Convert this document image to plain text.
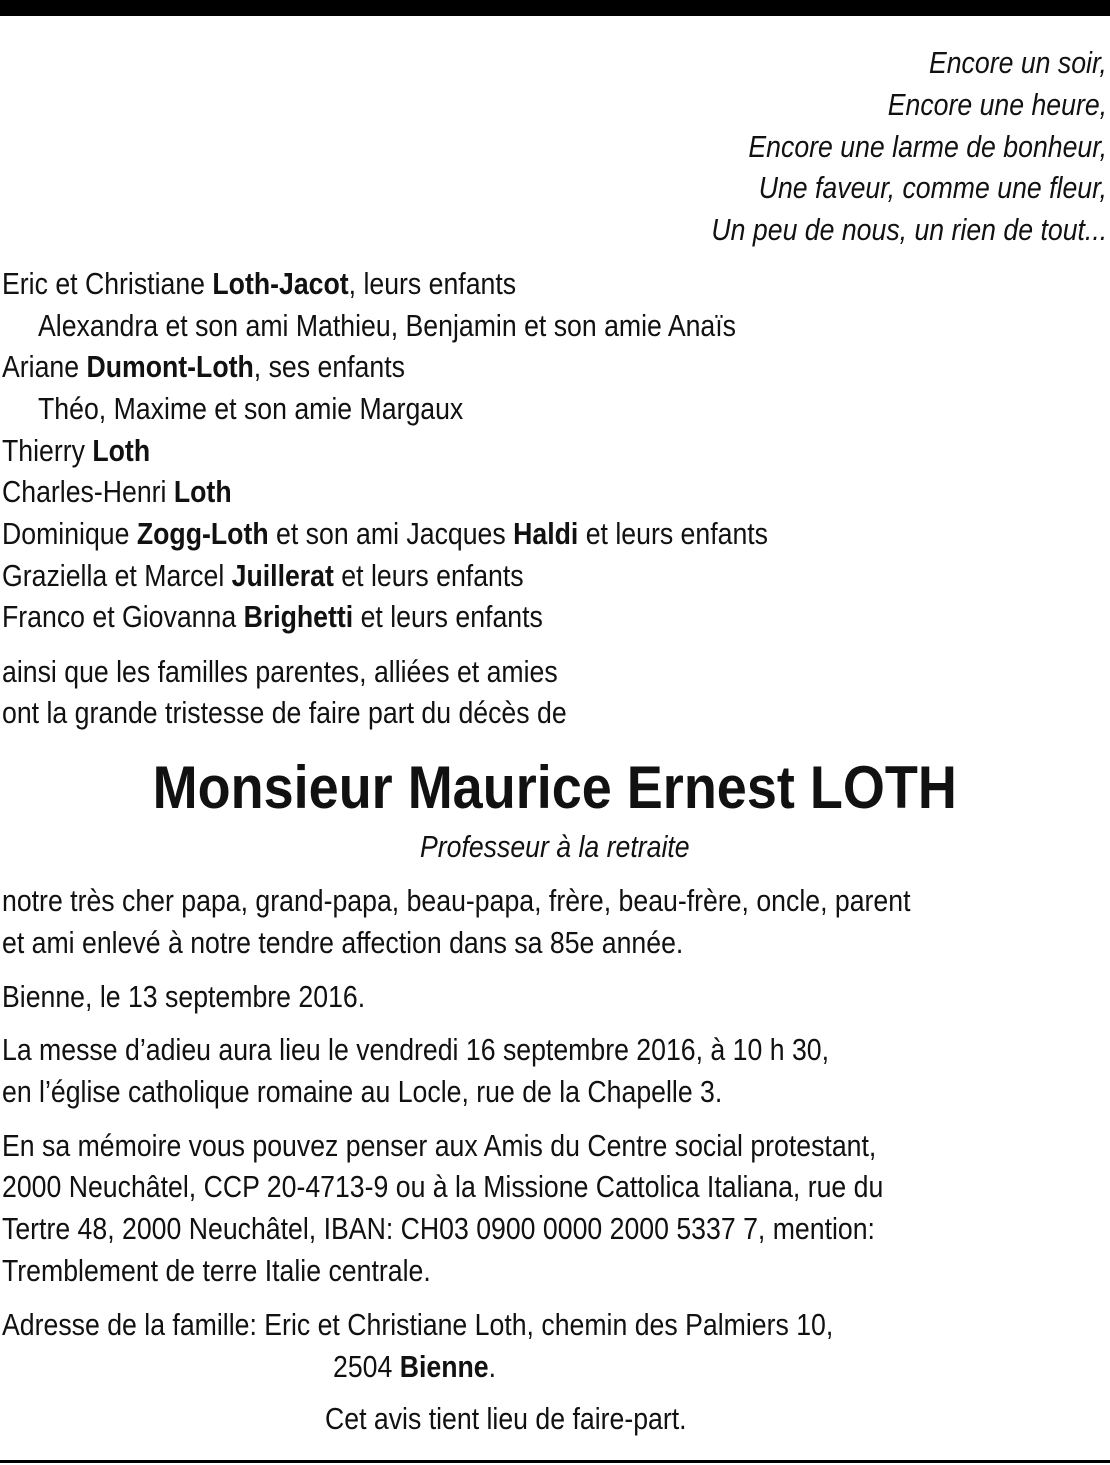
Encore un soir,
Encore une heure,
Encore une larme de bonheur,
Une faveur, comme une fleur,
Un peu de nous, un rien de tout...
Eric et Christiane Loth-Jacot, leurs enfants
Alexandra et son ami Mathieu, Benjamin et son amie Anaïs
Ariane Dumont-Loth, ses enfants
Théo, Maxime et son amie Margaux
Thierry Loth
Charles-Henri Loth
Dominique Zogg-Loth et son ami Jacques Haldi et leurs enfants
Graziella et Marcel Juillerat et leurs enfants
Franco et Giovanna Brighetti et leurs enfants
ainsi que les familles parentes, alliées et amies
ont la grande tristesse de faire part du décès de
Monsieur Maurice Ernest LOTH
Professeur à la retraite
notre très cher papa, grand-papa, beau-papa, frère, beau-frère, oncle, parent
et ami enlevé à notre tendre affection dans sa 85e année.
Bienne, le 13 septembre 2016.
La messe d’adieu aura lieu le vendredi 16 septembre 2016, à 10 h 30,
en l’église catholique romaine au Locle, rue de la Chapelle 3.
En sa mémoire vous pouvez penser aux Amis du Centre social protestant,
2000 Neuchâtel, CCP 20-4713-9 ou à la Missione Cattolica Italiana, rue du
Tertre 48, 2000 Neuchâtel, IBAN: CH03 0900 0000 2000 5337 7, mention:
Tremblement de terre Italie centrale.
Adresse de la famille: Eric et Christiane Loth, chemin des Palmiers 10,
2504 Bienne.
Cet avis tient lieu de faire-part.
